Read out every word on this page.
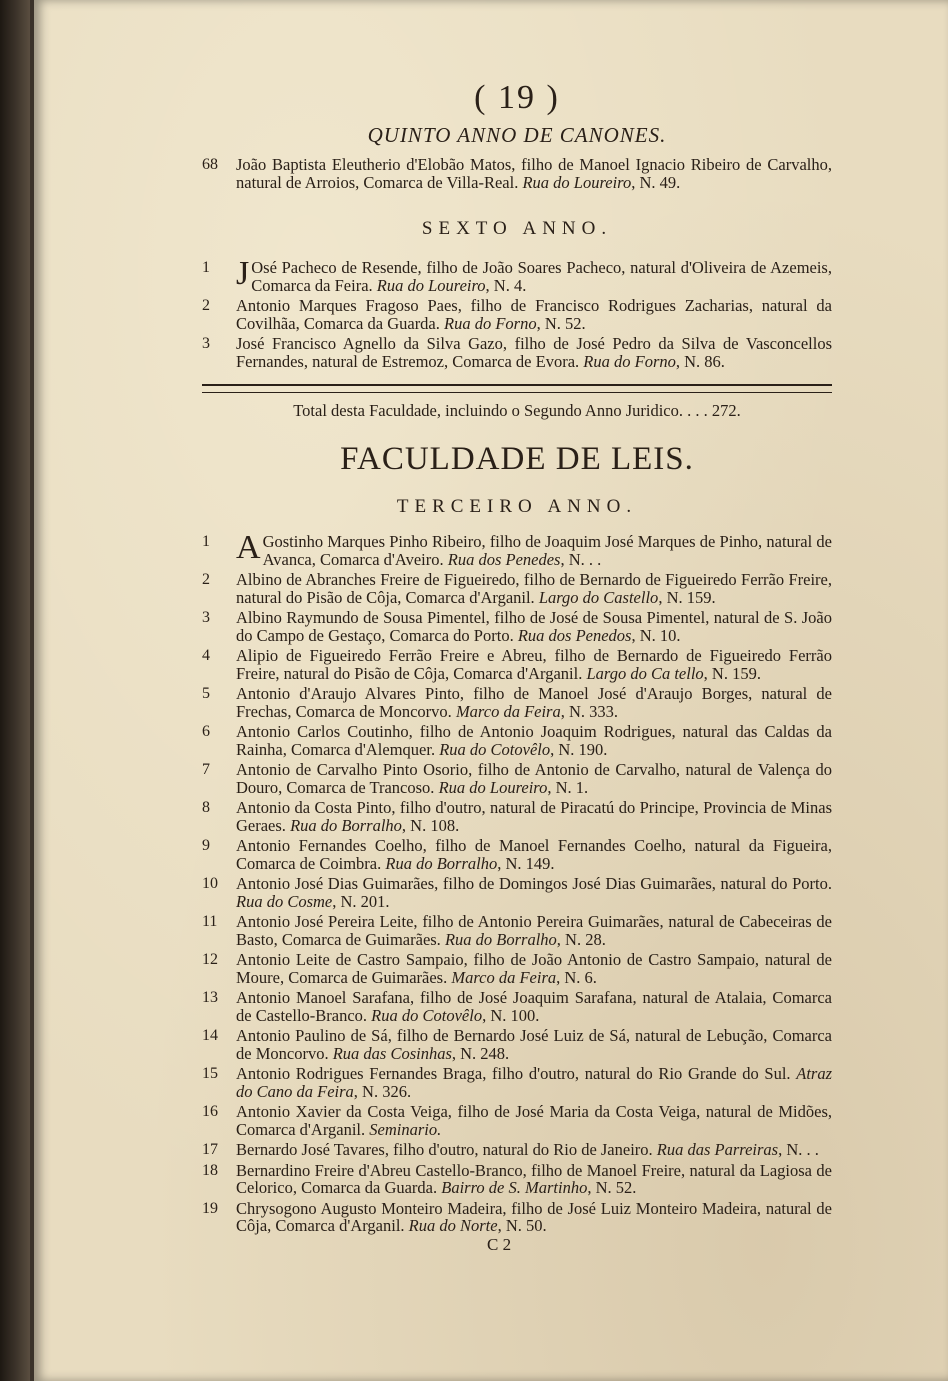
( 19 )
QUINTO ANNO DE CANONES.

68	João Baptista Eleutherio d'Elobão Matos, filho de Manoel Ignacio Ribeiro de Carvalho, natural de Arroios, Comarca de Villa-Real. Rua do Loureiro, N. 49.

SEXTO ANNO.

1 J Osé Pacheco de Resende, filho de João Soares Pacheco, natural d'Oliveira de Azemeis, Comarca da Feira. Rua do Loureiro, N. 4.

2	Antonio Marques Fragoso Paes, filho de Francisco Rodrigues Zacharias, natural da Covilhãa, Comarca da Guarda. Rua do Forno, N. 52.

3	José Francisco Agnello da Silva Gazo, filho de José Pedro da Silva de Vasconcellos Fernandes, natural de Estremoz, Comarca de Evora. Rua do Forno, N. 86.

Total desta Faculdade, incluindo o Segundo Anno Juridico. . . . 272.
FACULDADE DE LEIS.
TERCEIRO ANNO.

1 A Gostinho Marques Pinho Ribeiro, filho de Joaquim José Marques de Pinho, natural de Avanca, Comarca d'Aveiro. Rua dos Penedes, N. . .

2	Albino de Abranches Freire de Figueiredo, filho de Bernardo de Figueiredo Ferrão Freire, natural do Pisão de Côja, Comarca d'Arganil. Largo do Castello, N. 159.

3	Albino Raymundo de Sousa Pimentel, filho de José de Sousa Pimentel, natural de S. João do Campo de Gestaço, Comarca do Porto. Rua dos Penedos, N. 10.

4	Alipio de Figueiredo Ferrão Freire e Abreu, filho de Bernardo de Figueiredo Ferrão Freire, natural do Pisão de Côja, Comarca d'Arganil. Largo do Ca tello, N. 159.

5	Antonio d'Araujo Alvares Pinto, filho de Manoel José d'Araujo Borges, natural de Frechas, Comarca de Moncorvo. Marco da Feira, N. 333.

6	Antonio Carlos Coutinho, filho de Antonio Joaquim Rodrigues, natural das Caldas da Rainha, Comarca d'Alemquer. Rua do Cotovêlo, N. 190.

7	Antonio de Carvalho Pinto Osorio, filho de Antonio de Carvalho, natural de Valença do Douro, Comarca de Trancoso. Rua do Loureiro, N. 1.

8	Antonio da Costa Pinto, filho d'outro, natural de Piracatú do Principe, Provincia de Minas Geraes. Rua do Borralho, N. 108.

9	Antonio Fernandes Coelho, filho de Manoel Fernandes Coelho, natural da Figueira, Comarca de Coimbra. Rua do Borralho, N. 149.

10	Antonio José Dias Guimarães, filho de Domingos José Dias Guimarães, natural do Porto. Rua do Cosme, N. 201.

11	Antonio José Pereira Leite, filho de Antonio Pereira Guimarães, natural de Cabeceiras de Basto, Comarca de Guimarães. Rua do Borralho, N. 28.

12	Antonio Leite de Castro Sampaio, filho de João Antonio de Castro Sampaio, natural de Moure, Comarca de Guimarães. Marco da Feira, N. 6.

13	Antonio Manoel Sarafana, filho de José Joaquim Sarafana, natural de Atalaia, Comarca de Castello-Branco. Rua do Cotovêlo, N. 100.

14	Antonio Paulino de Sá, filho de Bernardo José Luiz de Sá, natural de Lebução, Comarca de Moncorvo. Rua das Cosinhas, N. 248.

15	Antonio Rodrigues Fernandes Braga, filho d'outro, natural do Rio Grande do Sul. Atraz do Cano da Feira, N. 326.

16	Antonio Xavier da Costa Veiga, filho de José Maria da Costa Veiga, natural de Midões, Comarca d'Arganil. Seminario.

17	Bernardo José Tavares, filho d'outro, natural do Rio de Janeiro. Rua das Parreiras, N. . .

18	Bernardino Freire d'Abreu Castello-Branco, filho de Manoel Freire, natural da Lagiosa de Celorico, Comarca da Guarda. Bairro de S. Martinho, N. 52.

19	Chrysogono Augusto Monteiro Madeira, filho de José Luiz Monteiro Madeira, natural de Côja, Comarca d'Arganil. Rua do Norte, N. 50.

C 2
